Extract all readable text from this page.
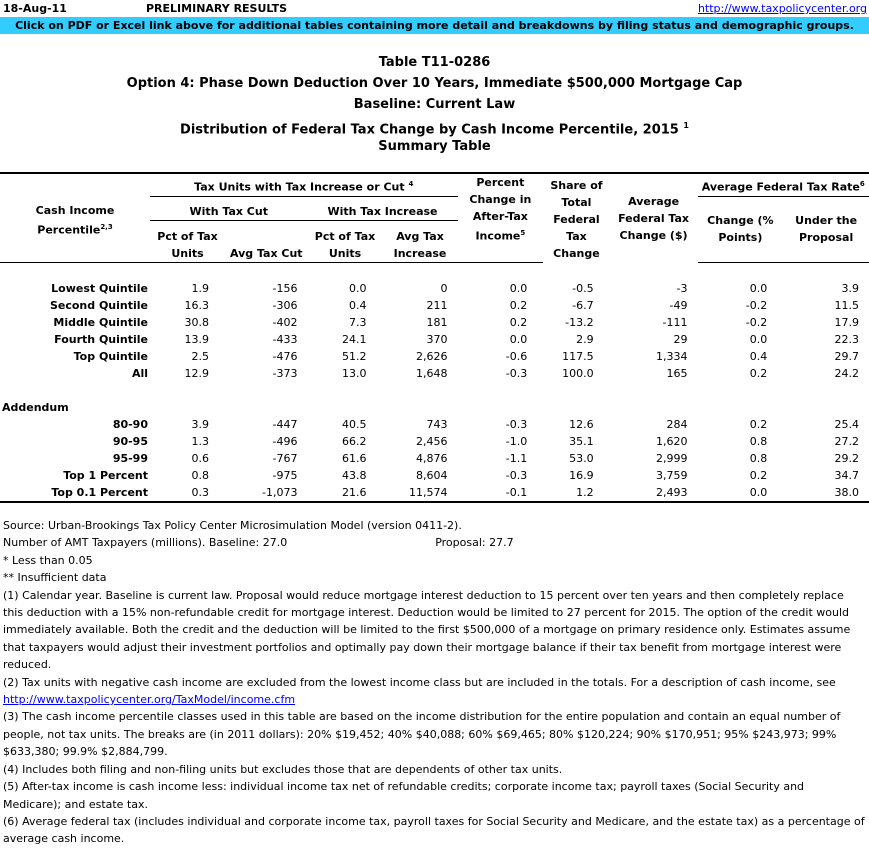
18-Aug-11	PRELIMINARY RESULTS	http://www.taxpolicycenter.org
Click on PDF or Excel link above for additional tables containing more detail and breakdowns by filing status and demographic groups.
Table T11-0286
Option 4: Phase Down Deduction Over 10 Years, Immediate $500,000 Mortgage Cap
Baseline: Current Law
Distribution of Federal Tax Change by Cash Income Percentile, 2015 $^1$
Summary Table
	Tax Units with Tax Increase or Cut $^4$				Percent Change in After-Tax Income$^5$	Share of Total Federal Tax Change	Average Federal Tax Change ($)	Average Federal Tax Rate$^6$
Cash Income Percentile$^{2,3}$	With Tax Cut		With Tax Increase					Change (% Points)	Under the Proposal
	Pct of Tax Units	Avg Tax Cut	Pct of Tax Units	Avg Tax Increase					

Lowest Quintile	1.9	-156	0.0	0	0.0	-0.5	-3	0.0	3.9
Second Quintile	16.3	-306	0.4	211	0.2	-6.7	-49	-0.2	11.5
Middle Quintile	30.8	-402	7.3	181	0.2	-13.2	-111	-0.2	17.9
Fourth Quintile	13.9	-433	24.1	370	0.0	2.9	29	0.0	22.3
Top Quintile	2.5	-476	51.2	2,626	-0.6	117.5	1,334	0.4	29.7
All	12.9	-373	13.0	1,648	-0.3	100.0	165	0.2	24.2

Addendum									
80-90	3.9	-447	40.5	743	-0.3	12.6	284	0.2	25.4
90-95	1.3	-496	66.2	2,456	-1.0	35.1	1,620	0.8	27.2
95-99	0.6	-767	61.6	4,876	-1.1	53.0	2,999	0.8	29.2
Top 1 Percent	0.8	-975	43.8	8,604	-0.3	16.9	3,759	0.2	34.7
Top 0.1 Percent	0.3	-1,073	21.6	11,574	-0.1	1.2	2,493	0.0	38.0
Source: Urban-Brookings Tax Policy Center Microsimulation Model (version 0411-2).
Number of AMT Taxpayers (millions). Baseline: 27.0	Proposal: 27.7
* Less than 0.05
** Insufficient data
(1) Calendar year. Baseline is current law. Proposal would reduce mortgage interest deduction to 15 percent over ten years and then completely replace this deduction with a 15% non-refundable credit for mortgage interest. Deduction would be limited to 27 percent for 2015. The option of the credit would immediately available. Both the credit and the deduction will be limited to the first $500,000 of a mortgage on primary residence only. Estimates assume that taxpayers would adjust their investment portfolios and optimally pay down their mortgage balance if their tax benefit from mortgage interest were reduced.
(2) Tax units with negative cash income are excluded from the lowest income class but are included in the totals. For a description of cash income, see
http://www.taxpolicycenter.org/TaxModel/income.cfm
(3) The cash income percentile classes used in this table are based on the income distribution for the entire population and contain an equal number of people, not tax units. The breaks are (in 2011 dollars): 20% $19,452; 40% $40,088; 60% $69,465; 80% $120,224; 90% $170,951; 95% $243,973; 99% $633,380; 99.9% $2,884,799.
(4) Includes both filing and non-filing units but excludes those that are dependents of other tax units.
(5) After-tax income is cash income less: individual income tax net of refundable credits; corporate income tax; payroll taxes (Social Security and Medicare); and estate tax.
(6) Average federal tax (includes individual and corporate income tax, payroll taxes for Social Security and Medicare, and the estate tax) as a percentage of average cash income.
